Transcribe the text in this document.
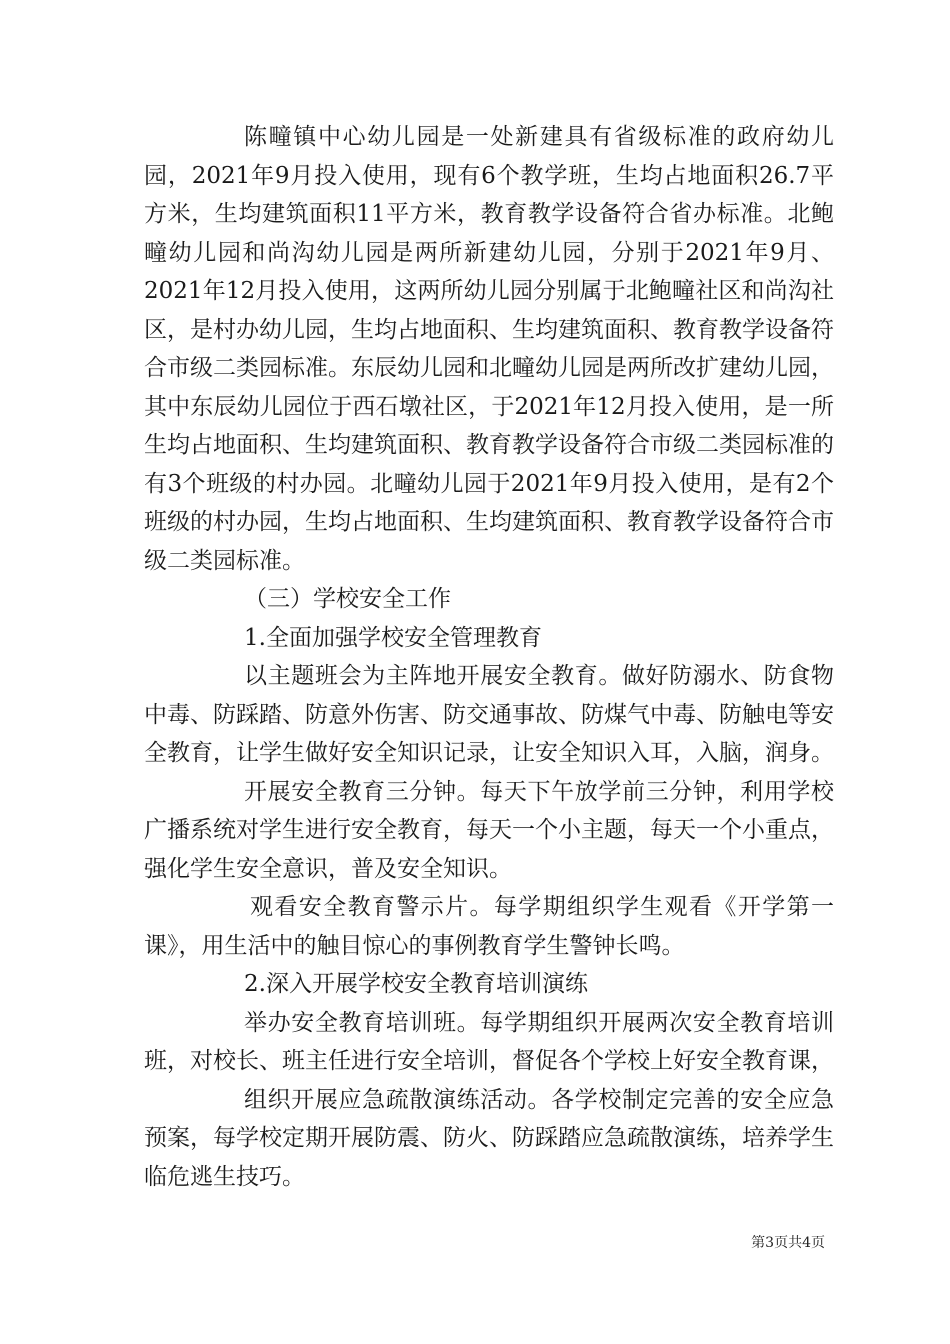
陈疃镇中心幼儿园是一处新建具有省级标准的政府幼儿园，2021年9月投入使用，现有6个教学班，生均占地面积26.7平方米，生均建筑面积11平方米，教育教学设备符合省办标准。北鲍疃幼儿园和尚沟幼儿园是两所新建幼儿园，分别于2021年9月、2021年12月投入使用，这两所幼儿园分别属于北鲍疃社区和尚沟社区，是村办幼儿园，生均占地面积、生均建筑面积、教育教学设备符合市级二类园标准。东辰幼儿园和北疃幼儿园是两所改扩建幼儿园，其中东辰幼儿园位于西石墩社区，于2021年12月投入使用，是一所生均占地面积、生均建筑面积、教育教学设备符合市级二类园标准的有3个班级的村办园。北疃幼儿园于2021年9月投入使用，是有2个班级的村办园，生均占地面积、生均建筑面积、教育教学设备符合市级二类园标准。

（三）学校安全工作

1.全面加强学校安全管理教育

以主题班会为主阵地开展安全教育。做好防溺水、防食物中毒、防踩踏、防意外伤害、防交通事故、防煤气中毒、防触电等安全教育，让学生做好安全知识记录，让安全知识入耳，入脑，润身。

开展安全教育三分钟。每天下午放学前三分钟，利用学校广播系统对学生进行安全教育，每天一个小主题，每天一个小重点，强化学生安全意识，普及安全知识。

观看安全教育警示片。每学期组织学生观看《开学第一课》，用生活中的触目惊心的事例教育学生警钟长鸣。

2.深入开展学校安全教育培训演练

举办安全教育培训班。每学期组织开展两次安全教育培训班，对校长、班主任进行安全培训，督促各个学校上好安全教育课，

组织开展应急疏散演练活动。各学校制定完善的安全应急预案，每学校定期开展防震、防火、防踩踏应急疏散演练，培养学生临危逃生技巧。

第3页共4页
